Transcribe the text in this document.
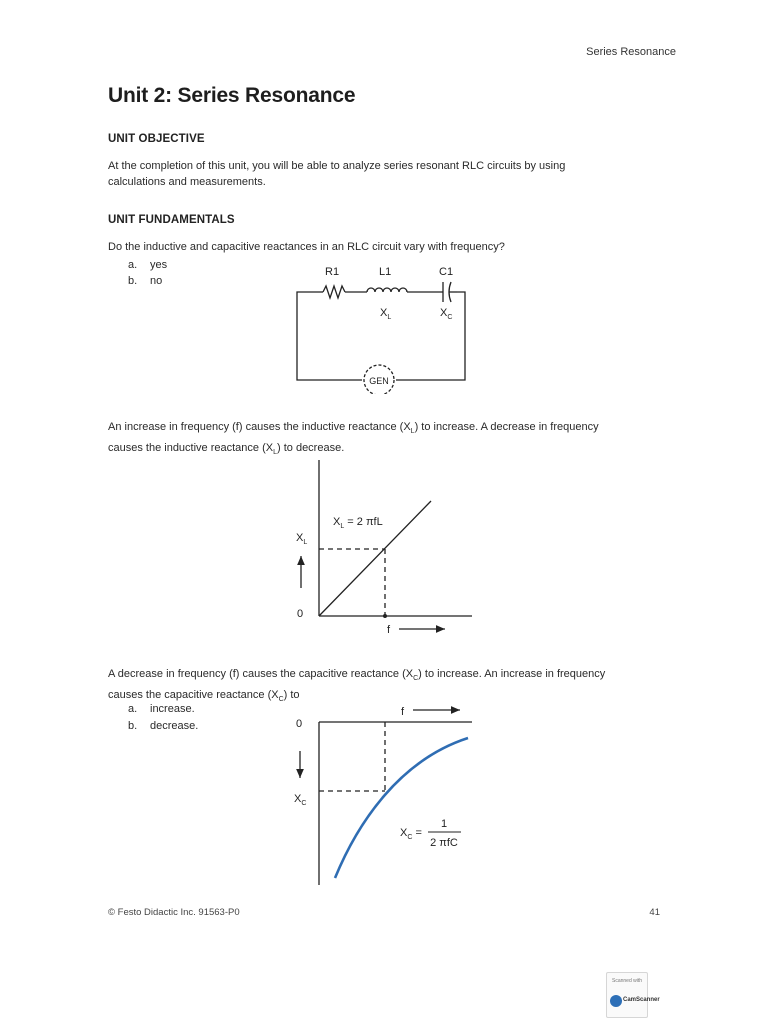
Series Resonance
Unit 2: Series Resonance
UNIT OBJECTIVE
At the completion of this unit, you will be able to analyze series resonant RLC circuits by using
calculations and measurements.
UNIT FUNDAMENTALS
Do the inductive and capacitive reactances in an RLC circuit vary with frequency?
a. yes
b. no
R1	L1	C1
$X_L$	$X_C$
GEN
An increase in frequency (f) causes the inductive reactance $(X_L)$ to increase. A decrease in frequency
causes the inductive reactance $(X_L)$ to decrease.
$X_L = 2$ πfL
$X_L$
0
f
A decrease in frequency (f) causes the capacitive reactance $(X_C)$ to increase. An increase in frequency
causes the capacitive reactance $(X_C)$ to
a. increase.
b. decrease.
f
0
$X_C$
$X_C$ =
1
2 πfC
© Festo Didactic Inc. 91563-P0	41
Scanned with
CamScanner
